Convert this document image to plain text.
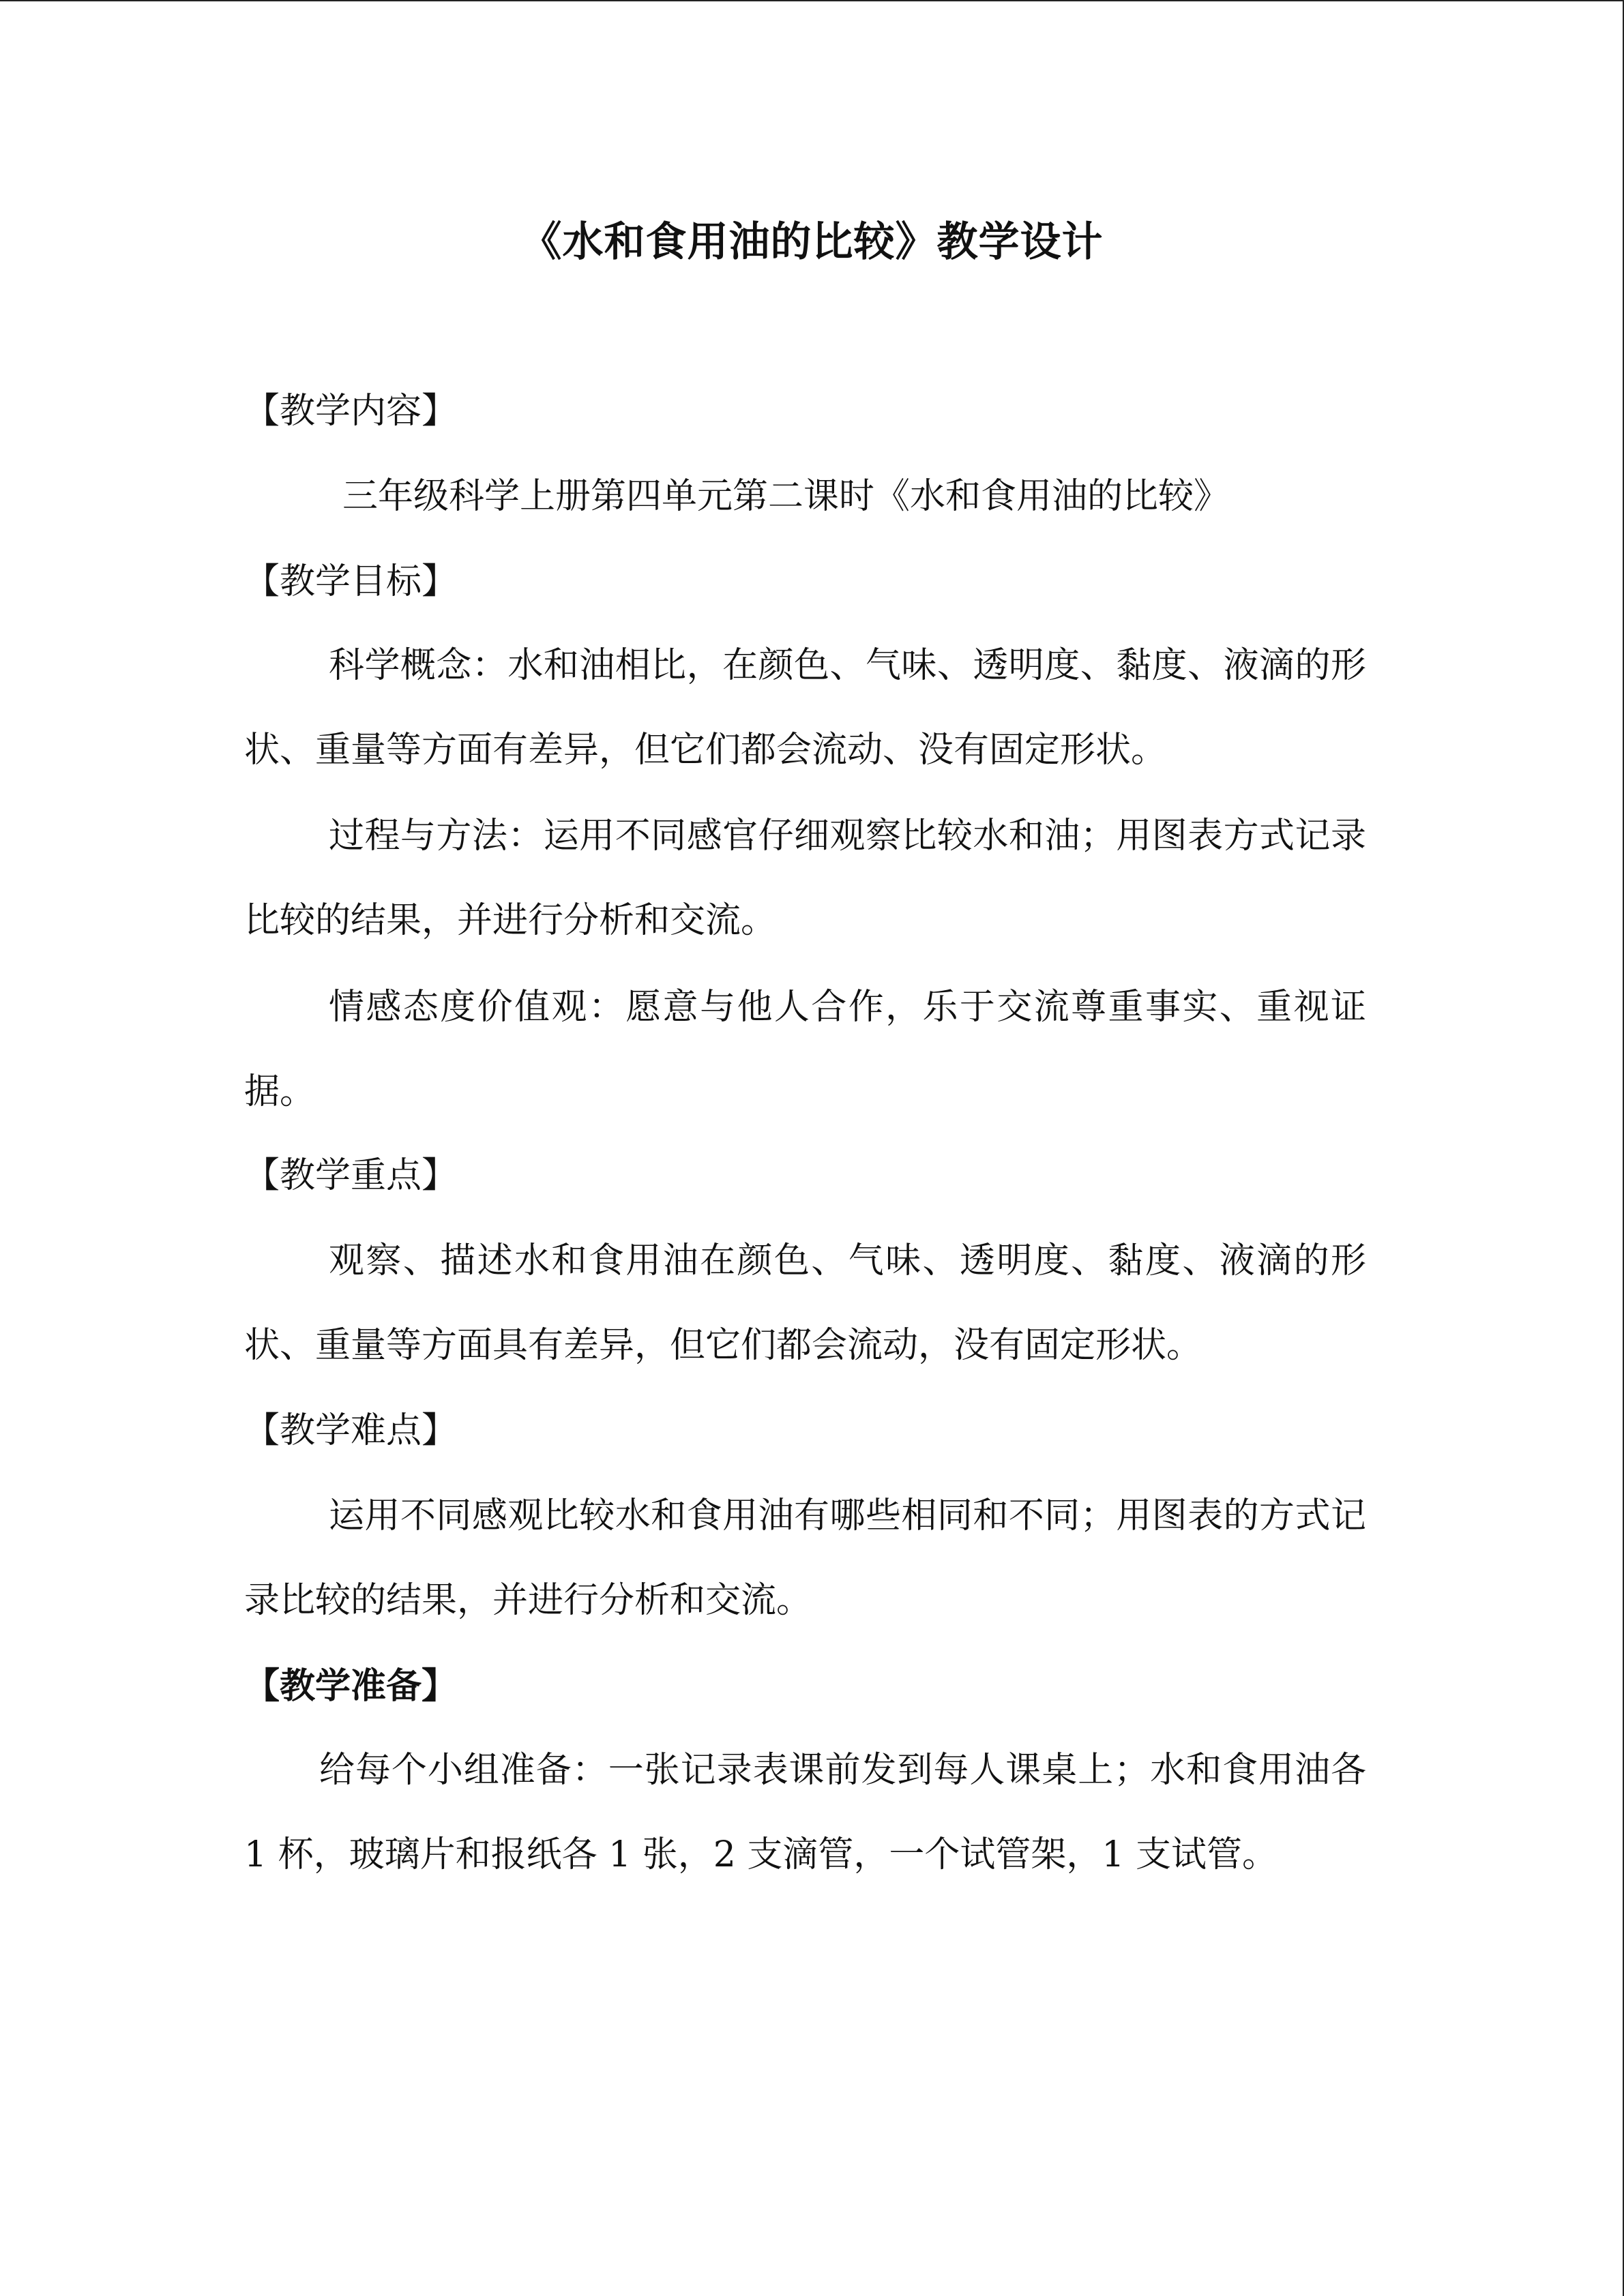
《水和食用油的比较》教学设计
【教学内容】
三年级科学上册第四单元第二课时《水和食用油的比较》
【教学目标】
科学概念：水和油相比，在颜色、气味、透明度、黏度、液滴的形状、重量等方面有差异，但它们都会流动、没有固定形状。
过程与方法：运用不同感官仔细观察比较水和油；用图表方式记录比较的结果，并进行分析和交流。
情感态度价值观：愿意与他人合作，乐于交流尊重事实、重视证据。
【教学重点】
观察、描述水和食用油在颜色、气味、透明度、黏度、液滴的形状、重量等方面具有差异，但它们都会流动，没有固定形状。
【教学难点】
运用不同感观比较水和食用油有哪些相同和不同；用图表的方式记录比较的结果，并进行分析和交流。
【教学准备】
给每个小组准备：一张记录表课前发到每人课桌上；水和食用油各 1 杯，玻璃片和报纸各 1 张，2 支滴管，一个试管架，1 支试管。
